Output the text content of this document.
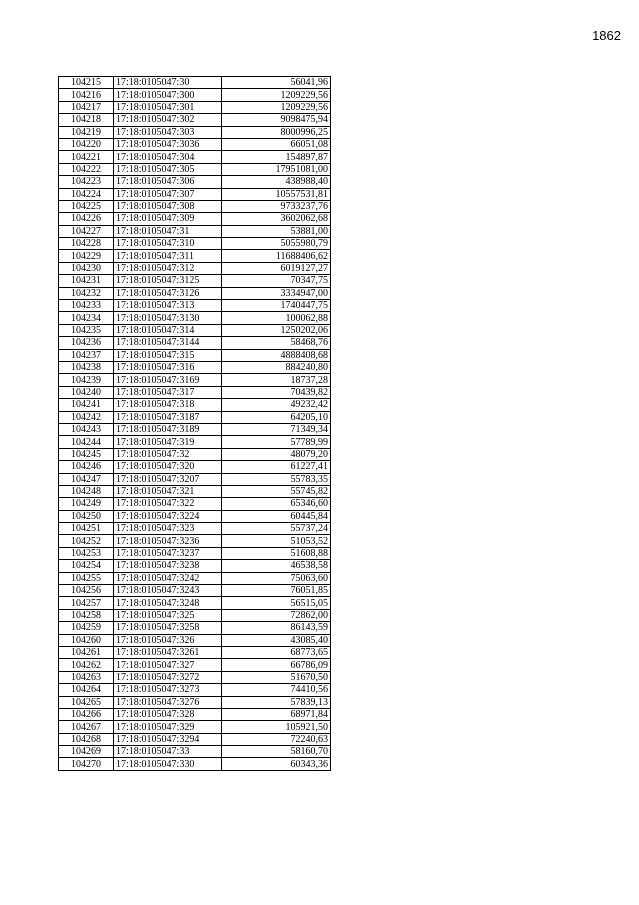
1862
104215	17:18:0105047:30	56041,96
104216	17:18:0105047:300	1209229,56
104217	17:18:0105047:301	1209229,56
104218	17:18:0105047:302	9098475,94
104219	17:18:0105047:303	8000996,25
104220	17:18:0105047:3036	66051,08
104221	17:18:0105047:304	154897,87
104222	17:18:0105047:305	17951081,00
104223	17:18:0105047:306	438988,40
104224	17:18:0105047:307	10557531,81
104225	17:18:0105047:308	9733237,76
104226	17:18:0105047:309	3602062,68
104227	17:18:0105047:31	53881,00
104228	17:18:0105047:310	5055980,79
104229	17:18:0105047:311	11688406,62
104230	17:18:0105047:312	6019127,27
104231	17:18:0105047:3125	70347,75
104232	17:18:0105047:3126	3334947,00
104233	17:18:0105047:313	1740447,75
104234	17:18:0105047:3130	100062,88
104235	17:18:0105047:314	1250202,06
104236	17:18:0105047:3144	58468,76
104237	17:18:0105047:315	4888408,68
104238	17:18:0105047:316	884240,80
104239	17:18:0105047:3169	18737,28
104240	17:18:0105047:317	70439,82
104241	17:18:0105047:318	49232,42
104242	17:18:0105047:3187	64205,10
104243	17:18:0105047:3189	71349,34
104244	17:18:0105047:319	57789,99
104245	17:18:0105047:32	48079,20
104246	17:18:0105047:320	61227,41
104247	17:18:0105047:3207	55783,35
104248	17:18:0105047:321	55745,82
104249	17:18:0105047:322	65346,60
104250	17:18:0105047:3224	60445,84
104251	17:18:0105047:323	55737,24
104252	17:18:0105047:3236	51053,52
104253	17:18:0105047:3237	51608,88
104254	17:18:0105047:3238	46538,58
104255	17:18:0105047:3242	75063,60
104256	17:18:0105047:3243	76051,85
104257	17:18:0105047:3248	56515,05
104258	17:18:0105047:325	72862,00
104259	17:18:0105047:3258	86143,59
104260	17:18:0105047:326	43085,40
104261	17:18:0105047:3261	68773,65
104262	17:18:0105047:327	66786,09
104263	17:18:0105047:3272	51670,50
104264	17:18:0105047:3273	74410,56
104265	17:18:0105047:3276	57839,13
104266	17:18:0105047:328	68971,84
104267	17:18:0105047:329	105921,50
104268	17:18:0105047:3294	72240,63
104269	17:18:0105047:33	58160,70
104270	17:18:0105047:330	60343,36
